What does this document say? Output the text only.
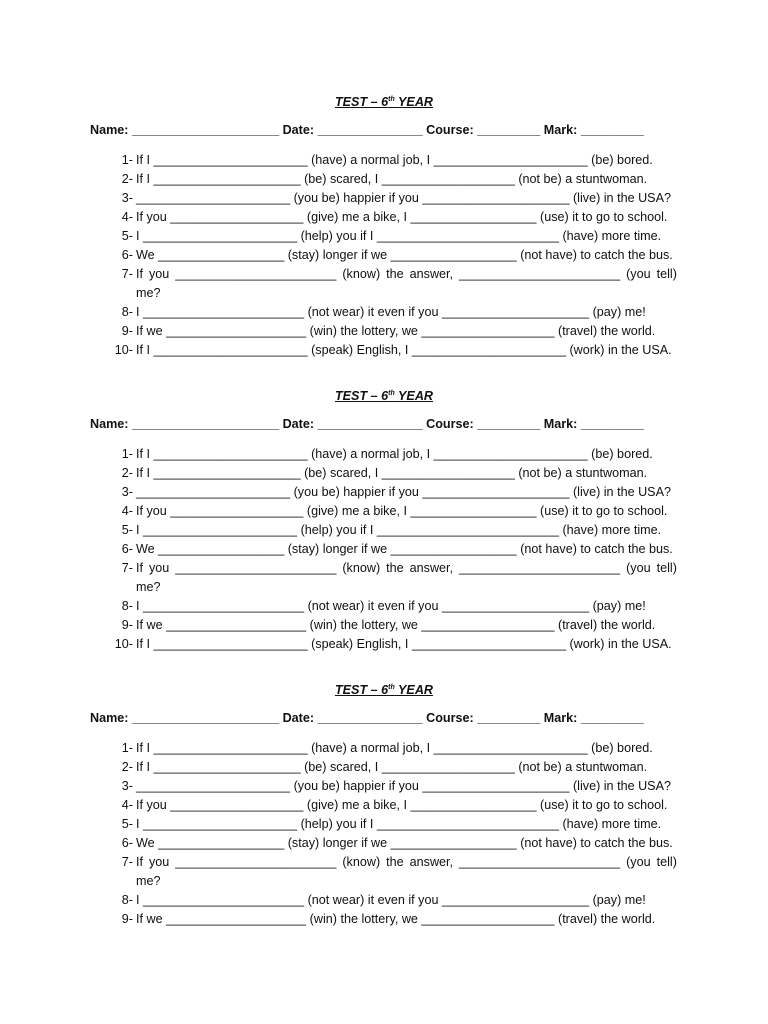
TEST – 6th YEAR
Name: _____________________ Date: _______________ Course: _________ Mark: _________
1- If I ______________________ (have) a normal job, I ______________________ (be) bored.
2- If I _____________________ (be) scared, I ___________________ (not be) a stuntwoman.
3- ______________________ (you be) happier if you _____________________ (live) in the USA?
4- If you ___________________ (give) me a bike, I __________________ (use) it to go to school.
5- I ______________________ (help) you if I __________________________ (have) more time.
6- We __________________ (stay) longer if we __________________ (not have) to catch the bus.
7- If you _______________________ (know) the answer, _______________________ (you tell)
me?
8- I _______________________ (not wear) it even if you _____________________ (pay) me!
9- If we ____________________ (win) the lottery, we ___________________ (travel) the world.
10- If I ______________________ (speak) English, I ______________________ (work) in the USA.
TEST – 6th YEAR
Name: _____________________ Date: _______________ Course: _________ Mark: _________
1- If I ______________________ (have) a normal job, I ______________________ (be) bored.
2- If I _____________________ (be) scared, I ___________________ (not be) a stuntwoman.
3- ______________________ (you be) happier if you _____________________ (live) in the USA?
4- If you ___________________ (give) me a bike, I __________________ (use) it to go to school.
5- I ______________________ (help) you if I __________________________ (have) more time.
6- We __________________ (stay) longer if we __________________ (not have) to catch the bus.
7- If you _______________________ (know) the answer, _______________________ (you tell)
me?
8- I _______________________ (not wear) it even if you _____________________ (pay) me!
9- If we ____________________ (win) the lottery, we ___________________ (travel) the world.
10- If I ______________________ (speak) English, I ______________________ (work) in the USA.
TEST – 6th YEAR
Name: _____________________ Date: _______________ Course: _________ Mark: _________
1- If I ______________________ (have) a normal job, I ______________________ (be) bored.
2- If I _____________________ (be) scared, I ___________________ (not be) a stuntwoman.
3- ______________________ (you be) happier if you _____________________ (live) in the USA?
4- If you ___________________ (give) me a bike, I __________________ (use) it to go to school.
5- I ______________________ (help) you if I __________________________ (have) more time.
6- We __________________ (stay) longer if we __________________ (not have) to catch the bus.
7- If you _______________________ (know) the answer, _______________________ (you tell)
me?
8- I _______________________ (not wear) it even if you _____________________ (pay) me!
9- If we ____________________ (win) the lottery, we ___________________ (travel) the world.
